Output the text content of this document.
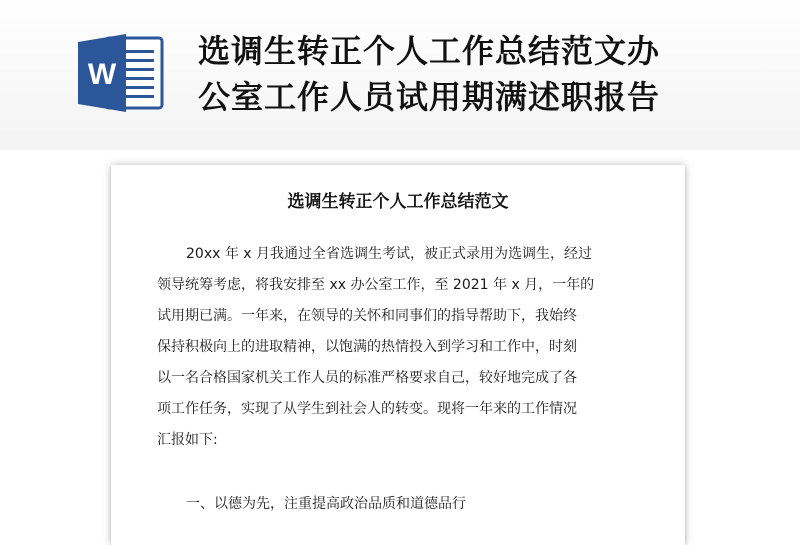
W
选调生转正个人工作总结范文办
公室工作人员试用期满述职报告
选调生转正个人工作总结范文
20xx 年 x 月我通过全省选调生考试，被正式录用为选调生，经过
领导统筹考虑，将我安排至 xx 办公室工作，至 2021 年 x 月，一年的
试用期已满。一年来，在领导的关怀和同事们的指导帮助下，我始终
保持积极向上的进取精神，以饱满的热情投入到学习和工作中，时刻
以一名合格国家机关工作人员的标准严格要求自己，较好地完成了各
项工作任务，实现了从学生到社会人的转变。现将一年来的工作情况
汇报如下:
一、以德为先，注重提高政治品质和道德品行
